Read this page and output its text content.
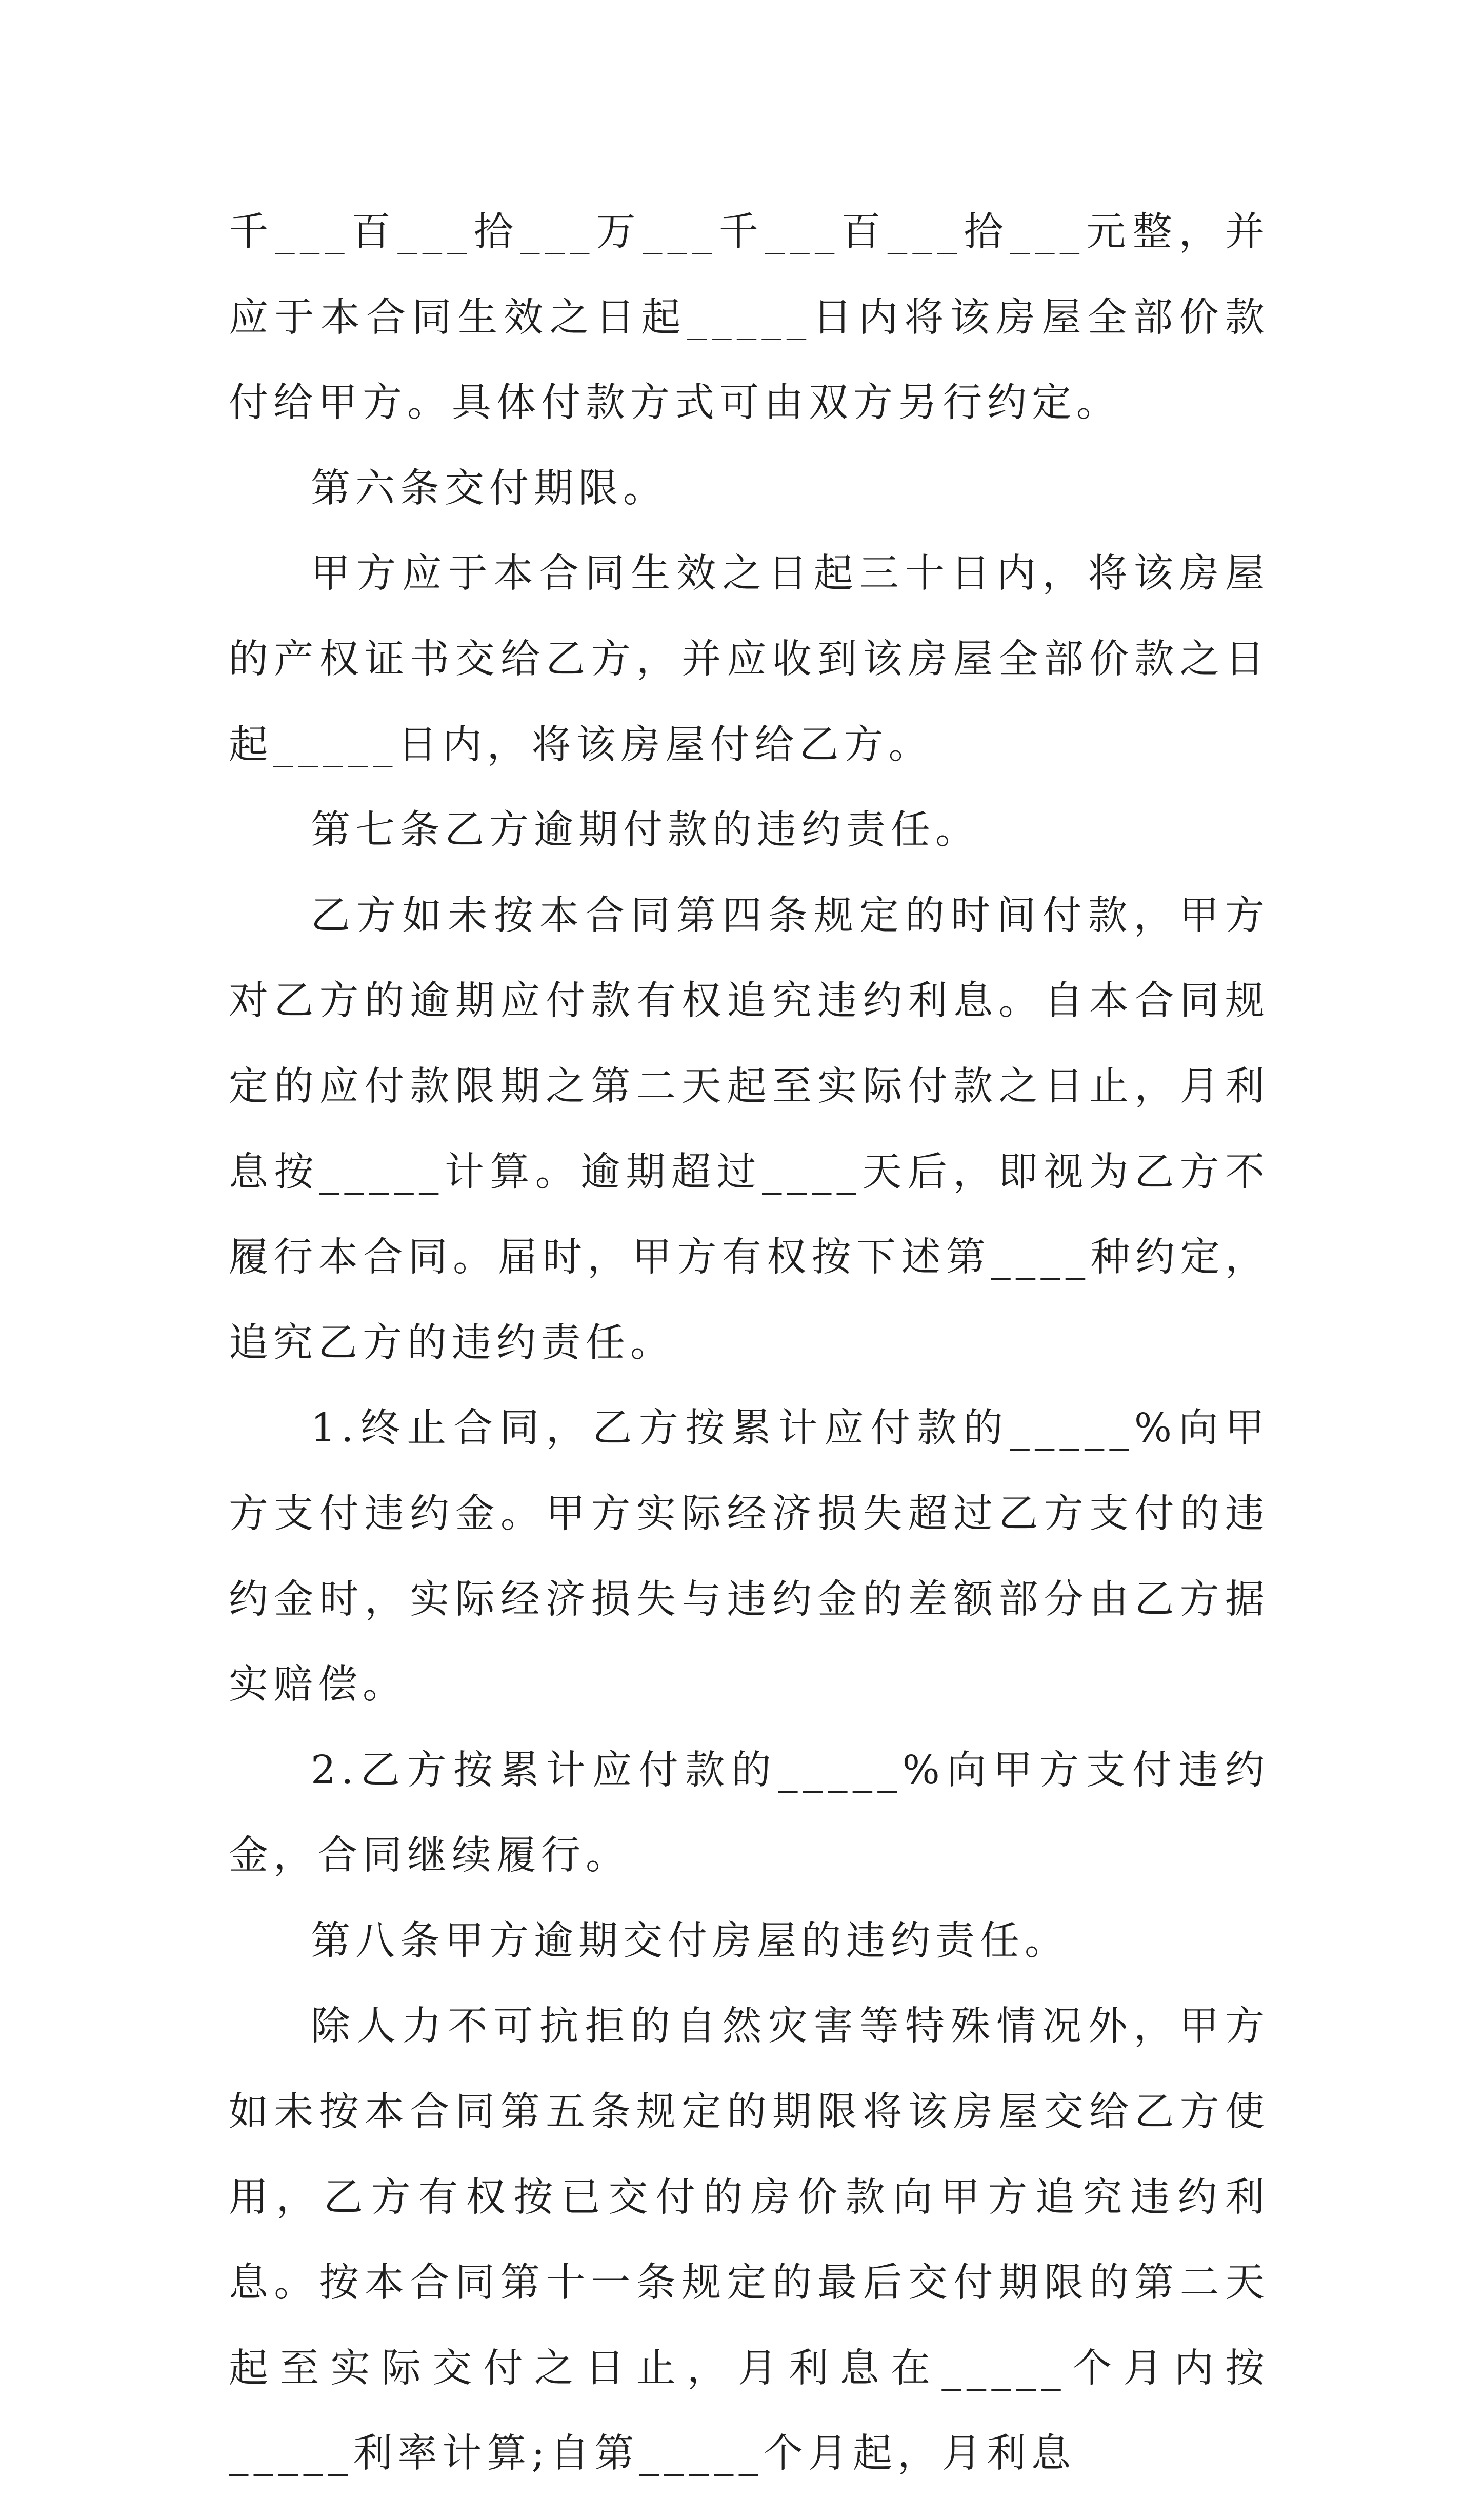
千___百___拾___万___千___百___拾___元整，并应于本合同生效之日起_____日内将该房屋全部价款付给甲方。具体付款方式可由双方另行约定。

第六条交付期限。

甲方应于本合同生效之日起三十日内，将该房屋的产权证书交给乙方，并应收到该房屋全部价款之日起_____日内，将该房屋付给乙方。

第七条乙方逾期付款的违约责任。

乙方如未按本合同第四条规定的时间付款，甲方对乙方的逾期应付款有权追究违约利息。自本合同规定的应付款限期之第二天起至实际付款之日止，月利息按_____计算。逾期超过____天后，即视为乙方不履行本合同。届时，甲方有权按下述第____种约定，追究乙方的违约责任。

1.终止合同，乙方按累计应付款的_____%向甲方支付违约金。甲方实际经济损失超过乙方支付的违约金时，实际经济损失与违约金的差额部分由乙方据实赔偿。

2.乙方按累计应付款的_____%向甲方支付违约金，合同继续履行。

第八条甲方逾期交付房屋的违约责任。

除人力不可抗拒的自然灾害等特殊情况外，甲方如未按本合同第五条规定的期限将该房屋交给乙方使用，乙方有权按已交付的房价款向甲方追究违约利息。按本合同第十一条规定的最后交付期限的第二天起至实际交付之日止，月利息在_____个月内按_____利率计算;自第_____个月起，月利息
